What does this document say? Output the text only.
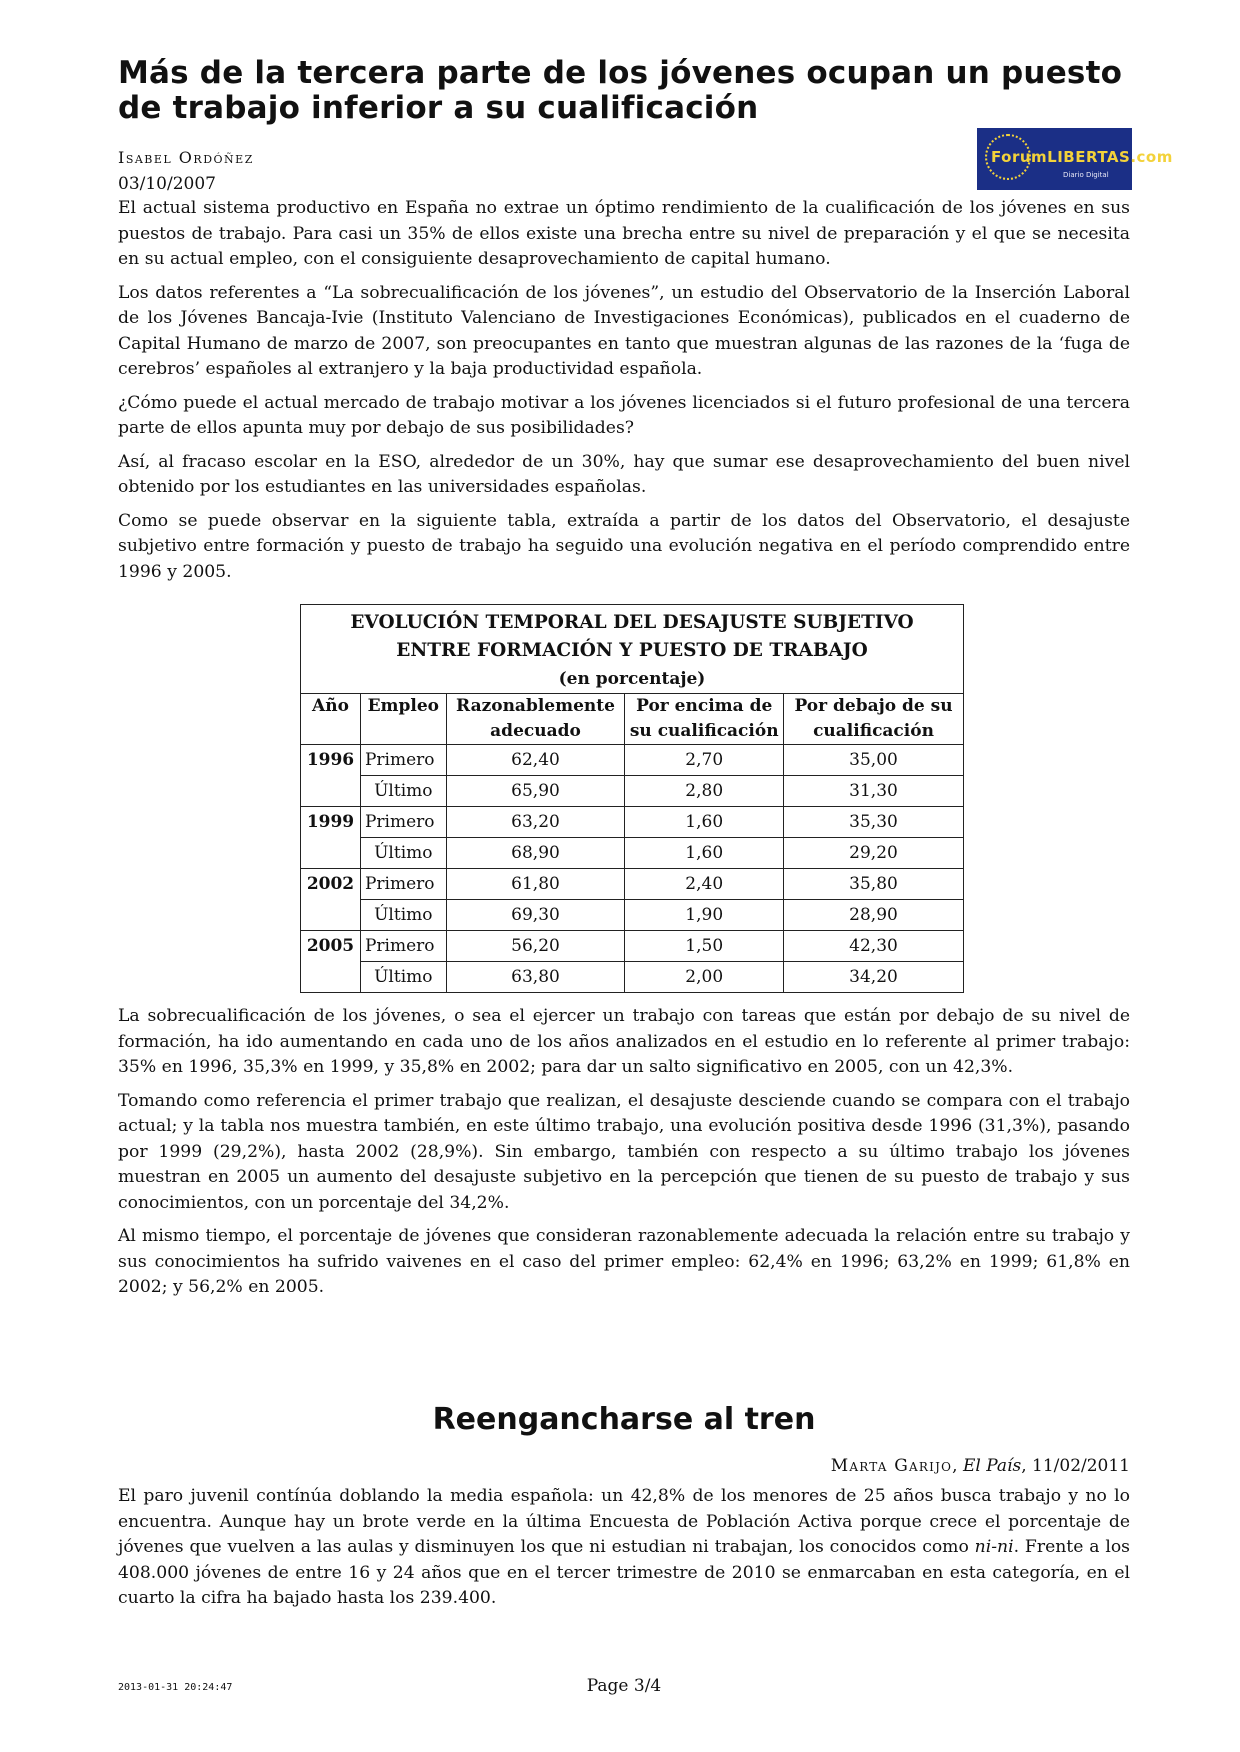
Más de la tercera parte de los jóvenes ocupan un puesto de trabajo inferior a su cualificación
Isabel Ordóñez
03/10/2007
ForumLIBERTAS.com
Diario Digital

El actual sistema productivo en España no extrae un óptimo rendimiento de la cualificación de los jóvenes en sus puestos de trabajo. Para casi un 35% de ellos existe una brecha entre su nivel de preparación y el que se necesita en su actual empleo, con el consiguiente desaprovechamiento de capital humano.

Los datos referentes a “La sobrecualificación de los jóvenes”, un estudio del Observatorio de la Inserción Laboral de los Jóvenes Bancaja-Ivie (Instituto Valenciano de Investigaciones Económicas), publicados en el cuaderno de Capital Humano de marzo de 2007, son preocupantes en tanto que muestran algunas de las razones de la ‘fuga de cerebros’ españoles al extranjero y la baja productividad española.

¿Cómo puede el actual mercado de trabajo motivar a los jóvenes licenciados si el futuro profesional de una tercera parte de ellos apunta muy por debajo de sus posibilidades?

Así, al fracaso escolar en la ESO, alrededor de un 30%, hay que sumar ese desaprovechamiento del buen nivel obtenido por los estudiantes en las universidades españolas.

Como se puede observar en la siguiente tabla, extraída a partir de los datos del Observatorio, el desajuste subjetivo entre formación y puesto de trabajo ha seguido una evolución negativa en el período comprendido entre 1996 y 2005.

EVOLUCIÓN TEMPORAL DEL DESAJUSTE SUBJETIVO
ENTRE FORMACIÓN Y PUESTO DE TRABAJO
(en porcentaje)				

Año	Empleo	Razonablemente adecuado	Por encima de su cualificación	Por debajo de su cualificación
1996	Primero	62,40	2,70	35,00
	Último	65,90	2,80	31,30
1999	Primero	63,20	1,60	35,30
	Último	68,90	1,60	29,20
2002	Primero	61,80	2,40	35,80
	Último	69,30	1,90	28,90
2005	Primero	56,20	1,50	42,30
	Último	63,80	2,00	34,20

La sobrecualificación de los jóvenes, o sea el ejercer un trabajo con tareas que están por debajo de su nivel de formación, ha ido aumentando en cada uno de los años analizados en el estudio en lo referente al primer trabajo: 35% en 1996, 35,3% en 1999, y 35,8% en 2002; para dar un salto significativo en 2005, con un 42,3%.

Tomando como referencia el primer trabajo que realizan, el desajuste desciende cuando se compara con el trabajo actual; y la tabla nos muestra también, en este último trabajo, una evolución positiva desde 1996 (31,3%), pasando por 1999 (29,2%), hasta 2002 (28,9%). Sin embargo, también con respecto a su último trabajo los jóvenes muestran en 2005 un aumento del desajuste subjetivo en la percepción que tienen de su puesto de trabajo y sus conocimientos, con un porcentaje del 34,2%.

Al mismo tiempo, el porcentaje de jóvenes que consideran razonablemente adecuada la relación entre su trabajo y sus conocimientos ha sufrido vaivenes en el caso del primer empleo: 62,4% en 1996; 63,2% en 1999; 61,8% en 2002; y 56,2% en 2005.

Reengancharse al tren
Marta Garijo, El País, 11/02/2011

El paro juvenil contínúa doblando la media española: un 42,8% de los menores de 25 años busca trabajo y no lo encuentra. Aunque hay un brote verde en la última Encuesta de Población Activa porque crece el porcentaje de jóvenes que vuelven a las aulas y disminuyen los que ni estudian ni trabajan, los conocidos como ni-ni. Frente a los 408.000 jóvenes de entre 16 y 24 años que en el tercer trimestre de 2010 se enmarcaban en esta categoría, en el cuarto la cifra ha bajado hasta los 239.400.

2013-01-31 20:24:47	Page 3/4
